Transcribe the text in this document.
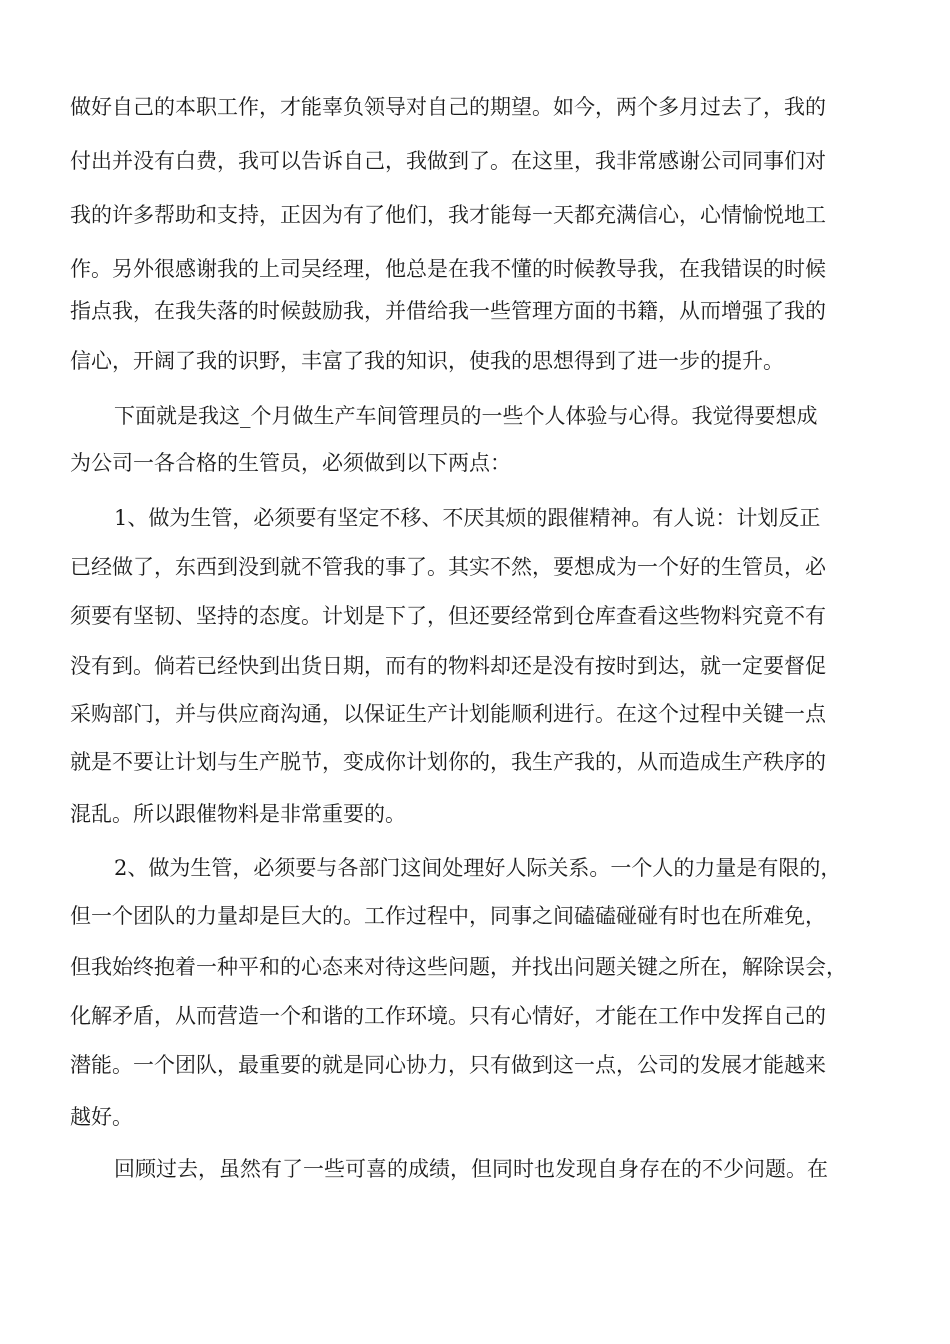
做好自己的本职工作，才能辜负领导对自己的期望。如今，两个多月过去了，我的
付出并没有白费，我可以告诉自己，我做到了。在这里，我非常感谢公司同事们对
我的许多帮助和支持，正因为有了他们，我才能每一天都充满信心，心情愉悦地工
作。另外很感谢我的上司吴经理，他总是在我不懂的时候教导我，在我错误的时候
指点我，在我失落的时候鼓励我，并借给我一些管理方面的书籍，从而增强了我的
信心，开阔了我的识野，丰富了我的知识，使我的思想得到了进一步的提升。
下面就是我这_个月做生产车间管理员的一些个人体验与心得。我觉得要想成
为公司一各合格的生管员，必须做到以下两点：
1、做为生管，必须要有坚定不移、不厌其烦的跟催精神。有人说：计划反正
已经做了，东西到没到就不管我的事了。其实不然，要想成为一个好的生管员，必
须要有坚韧、坚持的态度。计划是下了，但还要经常到仓库查看这些物料究竟不有
没有到。倘若已经快到出货日期，而有的物料却还是没有按时到达，就一定要督促
采购部门，并与供应商沟通，以保证生产计划能顺利进行。在这个过程中关键一点
就是不要让计划与生产脱节，变成你计划你的，我生产我的，从而造成生产秩序的
混乱。所以跟催物料是非常重要的。
2、做为生管，必须要与各部门这间处理好人际关系。一个人的力量是有限的，
但一个团队的力量却是巨大的。工作过程中，同事之间磕磕碰碰有时也在所难免，
但我始终抱着一种平和的心态来对待这些问题，并找出问题关键之所在，解除误会，
化解矛盾，从而营造一个和谐的工作环境。只有心情好，才能在工作中发挥自己的
潜能。一个团队，最重要的就是同心协力，只有做到这一点，公司的发展才能越来
越好。
回顾过去，虽然有了一些可喜的成绩，但同时也发现自身存在的不少问题。在
